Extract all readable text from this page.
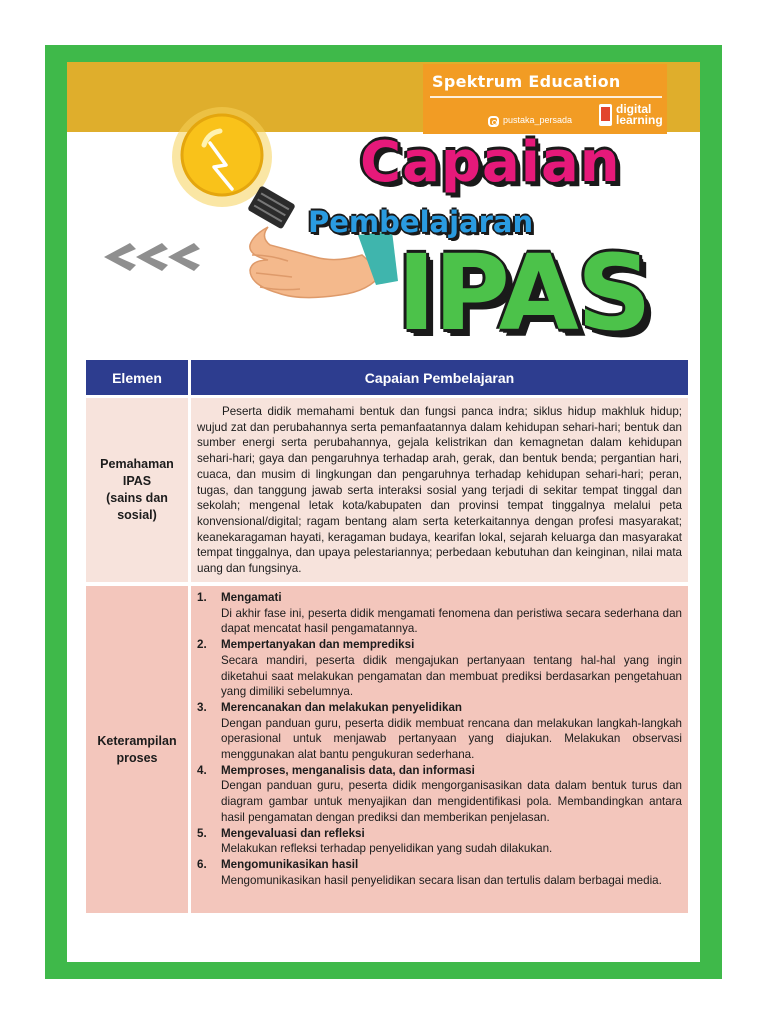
Spektrum Education
pustaka_persada
digital
learning
Capaian
Pembelajaran
IPAS
Elemen	Capaian Pembelajaran
Pemahaman
IPAS
(sains dan
sosial)

Peserta didik memahami bentuk dan fungsi panca indra; siklus hidup makhluk hidup; wujud zat dan perubahannya serta pemanfaatannya dalam kehidupan sehari-hari; bentuk dan sumber energi serta perubahannya, gejala kelistrikan dan kemagnetan dalam kehidupan sehari-hari; gaya dan pengaruhnya terhadap arah, gerak, dan bentuk benda; pergantian hari, cuaca, dan musim di lingkungan dan pengaruhnya terhadap kehidupan sehari-hari; peran, tugas, dan tanggung jawab serta interaksi sosial yang terjadi di sekitar tempat tinggal dan sekolah; mengenal letak kota/kabupaten dan provinsi tempat tinggalnya melalui peta konvensional/digital; ragam bentang alam serta keterkaitannya dengan profesi masyarakat; keanekaragaman hayati, keragaman budaya, kearifan lokal, sejarah keluarga dan masyarakat tempat tinggalnya, dan upaya pelestariannya; perbedaan kebutuhan dan keinginan, nilai mata uang dan fungsinya.

Keterampilan
proses
1. Mengamati
Di akhir fase ini, peserta didik mengamati fenomena dan peristiwa secara sederhana dan dapat mencatat hasil pengamatannya.
2. Mempertanyakan dan memprediksi
Secara mandiri, peserta didik mengajukan pertanyaan tentang hal-hal yang ingin diketahui saat melakukan pengamatan dan membuat prediksi berdasarkan pengetahuan yang dimiliki sebelumnya.
3. Merencanakan dan melakukan penyelidikan
Dengan panduan guru, peserta didik membuat rencana dan melakukan langkah-langkah operasional untuk menjawab pertanyaan yang diajukan. Melakukan observasi menggunakan alat bantu pengukuran sederhana.
4. Memproses, menganalisis data, dan informasi
Dengan panduan guru, peserta didik mengorganisasikan data dalam bentuk turus dan diagram gambar untuk menyajikan dan mengidentifikasi pola. Membandingkan antara hasil pengamatan dengan prediksi dan memberikan penjelasan.
5. Mengevaluasi dan refleksi
Melakukan refleksi terhadap penyelidikan yang sudah dilakukan.
6. Mengomunikasikan hasil
Mengomunikasikan hasil penyelidikan secara lisan dan tertulis dalam berbagai media.
